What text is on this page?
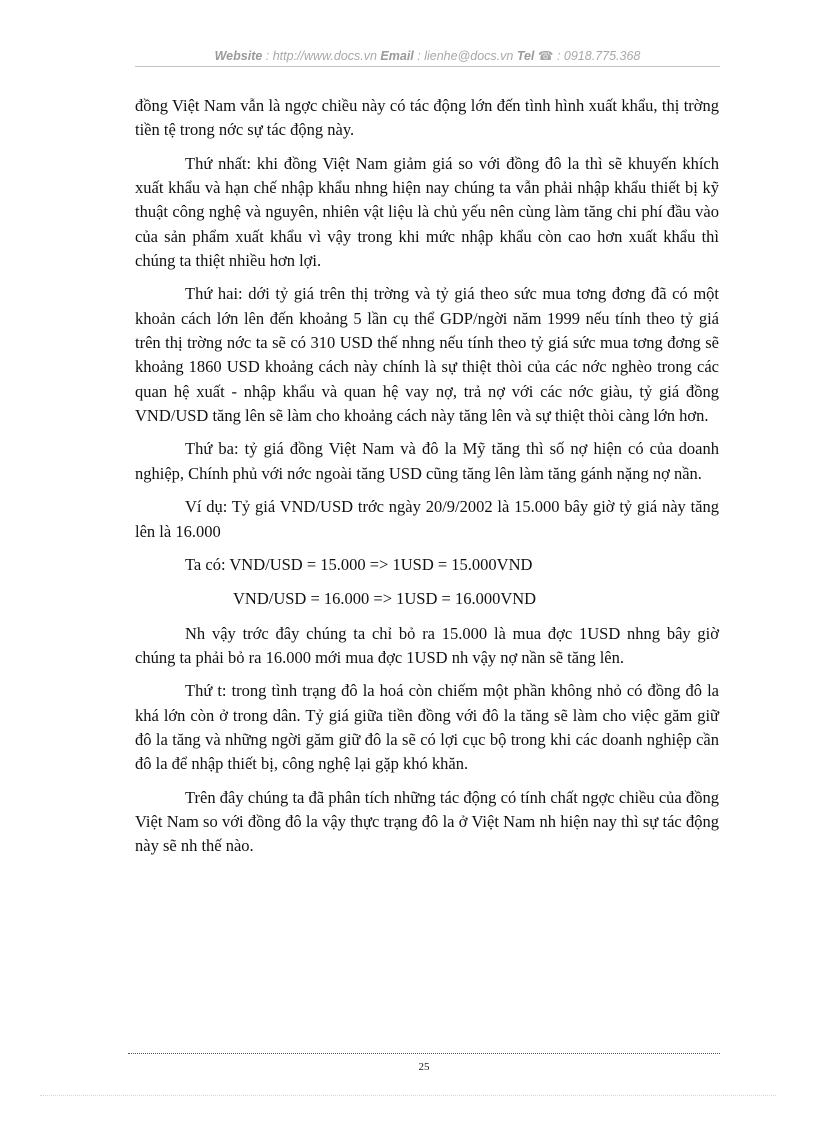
Website : http://www.docs.vn Email : lienhe@docs.vn Tel ☎ : 0918.775.368

đồng Việt Nam vẫn là ngợc chiều này có tác động lớn đến tình hình xuất khẩu, thị trờng tiền tệ trong nớc sự tác động này.

Thứ nhất: khi đồng Việt Nam giảm giá so với đồng đô la thì sẽ khuyến khích xuất khẩu và hạn chế nhập khẩu nhng hiện nay chúng ta vẫn phải nhập khẩu thiết bị kỹ thuật công nghệ và nguyên, nhiên vật liệu là chủ yếu nên cùng làm tăng chi phí đầu vào của sản phẩm xuất khẩu vì vậy trong khi mức nhập khẩu còn cao hơn xuất khẩu thì chúng ta thiệt nhiều hơn lợi.

Thứ hai: dới tỷ giá trên thị trờng và tỷ giá theo sức mua tơng đơng đã có một khoản cách lớn lên đến khoảng 5 lần cụ thể GDP/ngời năm 1999 nếu tính theo tỷ giá trên thị trờng nớc ta sẽ có 310 USD thế nhng nếu tính theo tỷ giá sức mua tơng đơng sẽ khoảng 1860 USD khoảng cách này chính là sự thiệt thòi của các nớc nghèo trong các quan hệ xuất - nhập khẩu và quan hệ vay nợ, trả nợ với các nớc giàu, tỷ giá đồng VND/USD tăng lên sẽ làm cho khoảng cách này tăng lên và sự thiệt thòi càng lớn hơn.

Thứ ba: tỷ giá đồng Việt Nam và đô la Mỹ tăng thì số nợ hiện có của doanh nghiệp, Chính phủ với nớc ngoài tăng USD cũng tăng lên làm tăng gánh nặng nợ nần.

Ví dụ: Tỷ giá VND/USD trớc ngày 20/9/2002 là 15.000 bây giờ tỷ giá này tăng lên là 16.000

Ta có: VND/USD = 15.000 => 1USD = 15.000VND

VND/USD = 16.000 => 1USD = 16.000VND

Nh vậy trớc đây chúng ta chỉ bỏ ra 15.000 là mua đợc 1USD nhng bây giờ chúng ta phải bỏ ra 16.000 mới mua đợc 1USD nh vậy nợ nần sẽ tăng lên.

Thứ t: trong tình trạng đô la hoá còn chiếm một phần không nhỏ có đồng đô la khá lớn còn ở trong dân. Tỷ giá giữa tiền đồng với đô la tăng sẽ làm cho việc găm giữ đô la tăng và những ngời găm giữ đô la sẽ có lợi cục bộ trong khi các doanh nghiệp cần đô la để nhập thiết bị, công nghệ lại gặp khó khăn.

Trên đây chúng ta đã phân tích những tác động có tính chất ngợc chiều của đồng Việt Nam so với đồng đô la vậy thực trạng đô la ở Việt Nam nh hiện nay thì sự tác động này sẽ nh thế nào.

25
